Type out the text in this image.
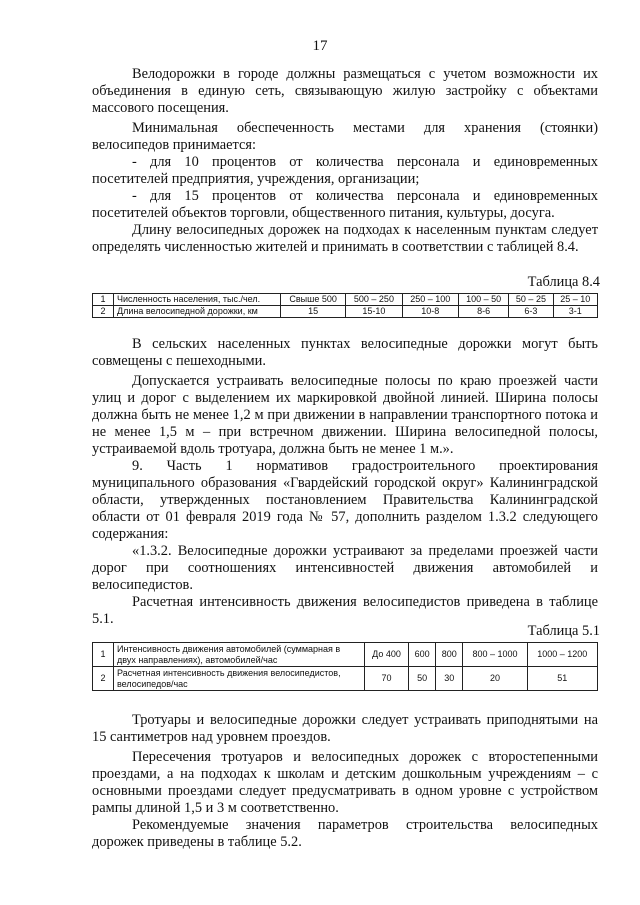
17

Велодорожки в городе должны размещаться с учетом возможности их объединения в единую сеть, связывающую жилую застройку с объектами массового посещения.

Минимальная обеспеченность местами для хранения (стоянки) велосипедов принимается:

- для 10 процентов от количества персонала и единовременных посетителей предприятия, учреждения, организации;

- для 15 процентов от количества персонала и единовременных посетителей объектов торговли, общественного питания, культуры, досуга.

Длину велосипедных дорожек на подходах к населенным пунктам следует определять численностью жителей и принимать в соответствии с таблицей 8.4.

Таблица 8.4
1	Численность населения, тыс./чел.	Свыше 500	500 – 250	250 – 100	100 – 50	50 – 25	25 – 10
2	Длина велосипедной дорожки, км	15	15-10	10-8	8-6	6-3	3-1

В сельских населенных пунктах велосипедные дорожки могут быть совмещены с пешеходными.

Допускается устраивать велосипедные полосы по краю проезжей части улиц и дорог с выделением их маркировкой двойной линией. Ширина полосы должна быть не менее 1,2 м при движении в направлении транспортного потока и не менее 1,5 м – при встречном движении. Ширина велосипедной полосы, устраиваемой вдоль тротуара, должна быть не менее 1 м.».

9. Часть 1 нормативов градостроительного проектирования муниципального образования «Гвардейский городской округ» Калининградской области, утвержденных постановлением Правительства Калининградской области от 01 февраля 2019 года № 57, дополнить разделом 1.3.2 следующего содержания:

«1.3.2. Велосипедные дорожки устраивают за пределами проезжей части дорог при соотношениях интенсивностей движения автомобилей и велосипедистов.

Расчетная интенсивность движения велосипедистов приведена в таблице 5.1.

Таблица 5.1
1	Интенсивность движения автомобилей (суммарная в двух направлениях), автомобилей/час	До 400	600	800	800 – 1000	1000 – 1200
2	Расчетная интенсивность движения велосипедистов, велосипедов/час	70	50	30	20	51

Тротуары и велосипедные дорожки следует устраивать приподнятыми на 15 сантиметров над уровнем проездов.

Пересечения тротуаров и велосипедных дорожек с второстепенными проездами, а на подходах к школам и детским дошкольным учреждениям – с основными проездами следует предусматривать в одном уровне с устройством рампы длиной 1,5 и 3 м соответственно.

Рекомендуемые значения параметров строительства велосипедных дорожек приведены в таблице 5.2.
